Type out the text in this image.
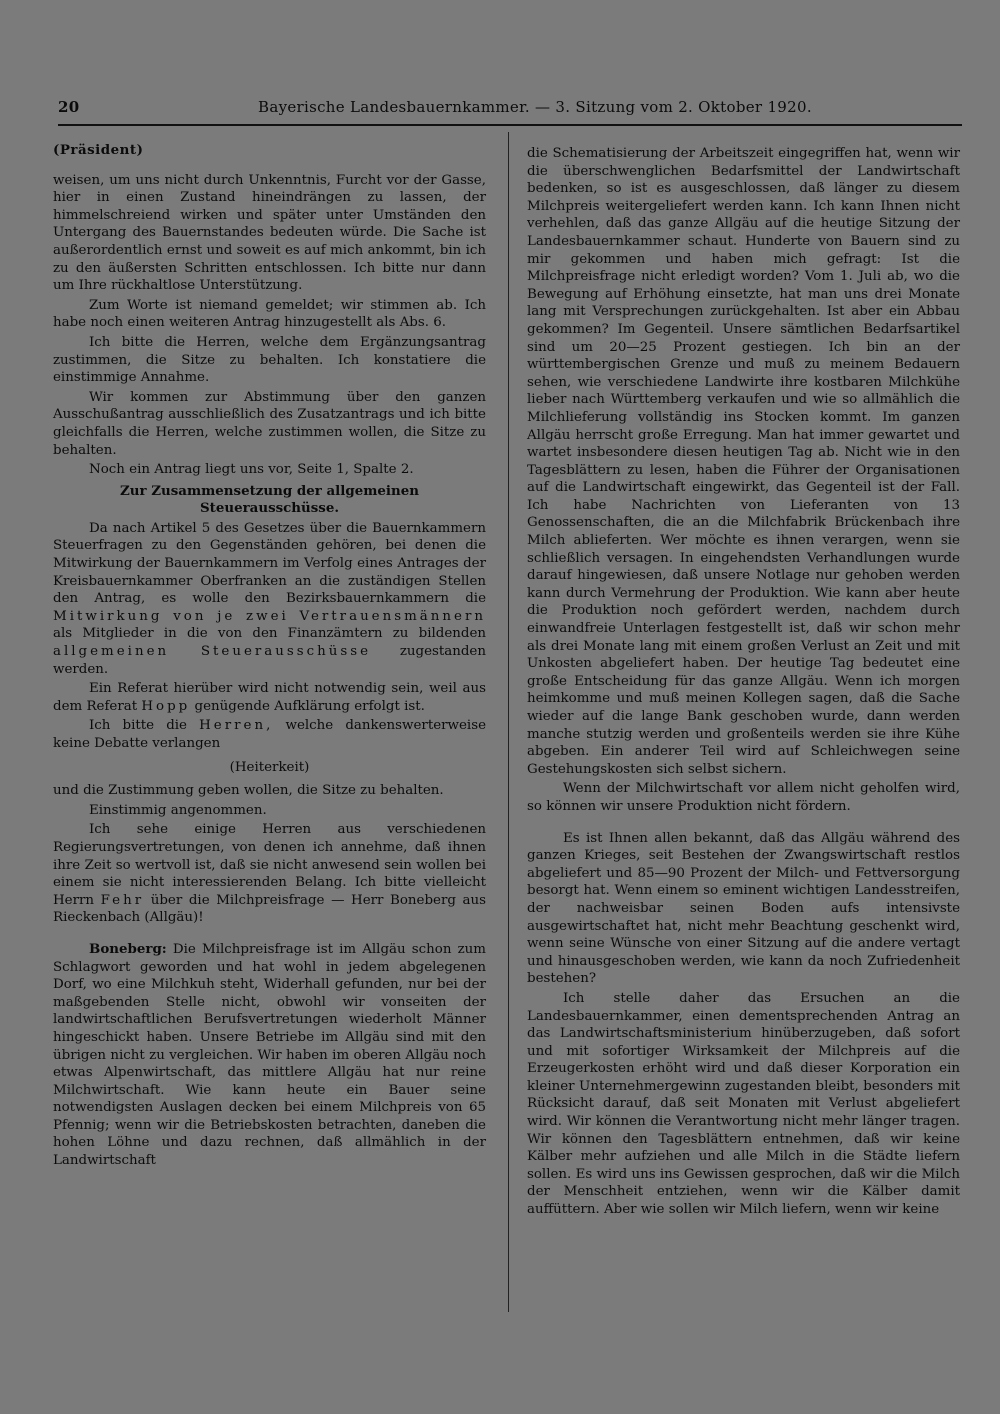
20	Bayerische Landesbauernkammer. — 3. Sitzung vom 2. Oktober 1920.

(Präsident)

weisen, um uns nicht durch Unkenntnis, Furcht vor der Gasse, hier in einen Zustand hineindrängen zu lassen, der himmelschreiend wirken und später unter Umständen den Untergang des Bauernstandes bedeuten würde. Die Sache ist außerordentlich ernst und soweit es auf mich ankommt, bin ich zu den äußersten Schritten entschlossen. Ich bitte nur dann um Ihre rückhaltlose Unterstützung.

Zum Worte ist niemand gemeldet; wir stimmen ab. Ich habe noch einen weiteren Antrag hinzugestellt als Abs. 6.

Ich bitte die Herren, welche dem Ergänzungsantrag zustimmen, die Sitze zu behalten. Ich konstatiere die einstimmige Annahme.

Wir kommen zur Abstimmung über den ganzen Ausschußantrag ausschließlich des Zusatzantrags und ich bitte gleichfalls die Herren, welche zustimmen wollen, die Sitze zu behalten.

Noch ein Antrag liegt uns vor, Seite 1, Spalte 2.

Zur Zusammensetzung der allgemeinen Steuerausschüsse.

Da nach Artikel 5 des Gesetzes über die Bauernkammern Steuerfragen zu den Gegenständen gehören, bei denen die Mitwirkung der Bauernkammern im Verfolg eines Antrages der Kreisbauernkammer Oberfranken an die zuständigen Stellen den Antrag, es wolle den Bezirksbauernkammern die Mitwirkung von je zwei Vertrauensmännern als Mitglieder in die von den Finanzämtern zu bildenden allgemeinen Steuerausschüsse zugestanden werden.

Ein Referat hierüber wird nicht notwendig sein, weil aus dem Referat Hopp genügende Aufklärung erfolgt ist.

Ich bitte die Herren, welche dankenswerterweise keine Debatte verlangen

(Heiterkeit)

und die Zustimmung geben wollen, die Sitze zu behalten.

Einstimmig angenommen.

Ich sehe einige Herren aus verschiedenen Regierungsvertretungen, von denen ich annehme, daß ihnen ihre Zeit so wertvoll ist, daß sie nicht anwesend sein wollen bei einem sie nicht interessierenden Belang. Ich bitte vielleicht Herrn Fehr über die Milchpreisfrage — Herr Boneberg aus Rieckenbach (Allgäu)!

Boneberg: Die Milchpreisfrage ist im Allgäu schon zum Schlagwort geworden und hat wohl in jedem abgelegenen Dorf, wo eine Milchkuh steht, Widerhall gefunden, nur bei der maßgebenden Stelle nicht, obwohl wir vonseiten der landwirtschaftlichen Berufsvertretungen wiederholt Männer hingeschickt haben. Unsere Betriebe im Allgäu sind mit den übrigen nicht zu vergleichen. Wir haben im oberen Allgäu noch etwas Alpenwirtschaft, das mittlere Allgäu hat nur reine Milchwirtschaft. Wie kann heute ein Bauer seine notwendigsten Auslagen decken bei einem Milchpreis von 65 Pfennig; wenn wir die Betriebskosten betrachten, daneben die hohen Löhne und dazu rechnen, daß allmählich in der Landwirtschaft

die Schematisierung der Arbeitszeit eingegriffen hat, wenn wir die überschwenglichen Bedarfsmittel der Landwirtschaft bedenken, so ist es ausgeschlossen, daß länger zu diesem Milchpreis weitergeliefert werden kann. Ich kann Ihnen nicht verhehlen, daß das ganze Allgäu auf die heutige Sitzung der Landesbauernkammer schaut. Hunderte von Bauern sind zu mir gekommen und haben mich gefragt: Ist die Milchpreisfrage nicht erledigt worden? Vom 1. Juli ab, wo die Bewegung auf Erhöhung einsetzte, hat man uns drei Monate lang mit Versprechungen zurückgehalten. Ist aber ein Abbau gekommen? Im Gegenteil. Unsere sämtlichen Bedarfsartikel sind um 20—25 Prozent gestiegen. Ich bin an der württembergischen Grenze und muß zu meinem Bedauern sehen, wie verschiedene Landwirte ihre kostbaren Milchkühe lieber nach Württemberg verkaufen und wie so allmählich die Milchlieferung vollständig ins Stocken kommt. Im ganzen Allgäu herrscht große Erregung. Man hat immer gewartet und wartet insbesondere diesen heutigen Tag ab. Nicht wie in den Tagesblättern zu lesen, haben die Führer der Organisationen auf die Landwirtschaft eingewirkt, das Gegenteil ist der Fall. Ich habe Nachrichten von Lieferanten von 13 Genossenschaften, die an die Milchfabrik Brückenbach ihre Milch ablieferten. Wer möchte es ihnen verargen, wenn sie schließlich versagen. In eingehendsten Verhandlungen wurde darauf hingewiesen, daß unsere Notlage nur gehoben werden kann durch Vermehrung der Produktion. Wie kann aber heute die Produktion noch gefördert werden, nachdem durch einwandfreie Unterlagen festgestellt ist, daß wir schon mehr als drei Monate lang mit einem großen Verlust an Zeit und mit Unkosten abgeliefert haben. Der heutige Tag bedeutet eine große Entscheidung für das ganze Allgäu. Wenn ich morgen heimkomme und muß meinen Kollegen sagen, daß die Sache wieder auf die lange Bank geschoben wurde, dann werden manche stutzig werden und großenteils werden sie ihre Kühe abgeben. Ein anderer Teil wird auf Schleichwegen seine Gestehungskosten sich selbst sichern.

Wenn der Milchwirtschaft vor allem nicht geholfen wird, so können wir unsere Produktion nicht fördern.

Es ist Ihnen allen bekannt, daß das Allgäu während des ganzen Krieges, seit Bestehen der Zwangswirtschaft restlos abgeliefert und 85—90 Prozent der Milch- und Fettversorgung besorgt hat. Wenn einem so eminent wichtigen Landesstreifen, der nachweisbar seinen Boden aufs intensivste ausgewirtschaftet hat, nicht mehr Beachtung geschenkt wird, wenn seine Wünsche von einer Sitzung auf die andere vertagt und hinausgeschoben werden, wie kann da noch Zufriedenheit bestehen?

Ich stelle daher das Ersuchen an die Landesbauernkammer, einen dementsprechenden Antrag an das Landwirtschaftsministerium hinüberzugeben, daß sofort und mit sofortiger Wirksamkeit der Milchpreis auf die Erzeugerkosten erhöht wird und daß dieser Korporation ein kleiner Unternehmergewinn zugestanden bleibt, besonders mit Rücksicht darauf, daß seit Monaten mit Verlust abgeliefert wird. Wir können die Verantwortung nicht mehr länger tragen. Wir können den Tagesblättern entnehmen, daß wir keine Kälber mehr aufziehen und alle Milch in die Städte liefern sollen. Es wird uns ins Gewissen gesprochen, daß wir die Milch der Menschheit entziehen, wenn wir die Kälber damit auffüttern. Aber wie sollen wir Milch liefern, wenn wir keine
